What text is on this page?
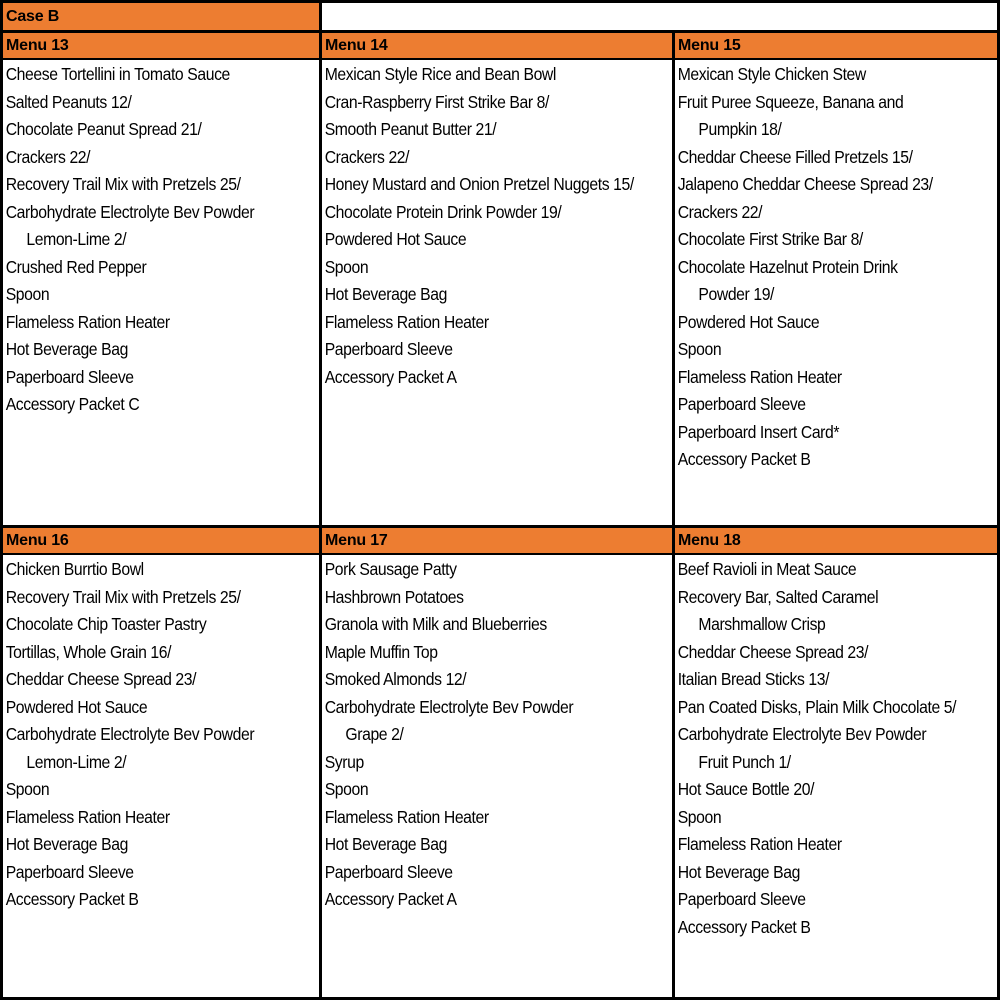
Case B
Menu 13
Cheese Tortellini in Tomato Sauce
Salted Peanuts 12/
Chocolate Peanut Spread 21/
Crackers 22/
Recovery Trail Mix with Pretzels 25/
Carbohydrate Electrolyte Bev Powder
Lemon-Lime 2/
Crushed Red Pepper
Spoon
Flameless Ration Heater
Hot Beverage Bag
Paperboard Sleeve
Accessory Packet C
Menu 14
Mexican Style Rice and Bean Bowl
Cran-Raspberry First Strike Bar 8/
Smooth Peanut Butter 21/
Crackers 22/
Honey Mustard and Onion Pretzel Nuggets 15/
Chocolate Protein Drink Powder 19/
Powdered Hot Sauce
Spoon
Hot Beverage Bag
Flameless Ration Heater
Paperboard Sleeve
Accessory Packet A
Menu 15
Mexican Style Chicken Stew
Fruit Puree Squeeze, Banana and
Pumpkin 18/
Cheddar Cheese Filled Pretzels 15/
Jalapeno Cheddar Cheese Spread 23/
Crackers 22/
Chocolate First Strike Bar 8/
Chocolate Hazelnut Protein Drink
Powder 19/
Powdered Hot Sauce
Spoon
Flameless Ration Heater
Paperboard Sleeve
Paperboard Insert Card*
Accessory Packet B
Menu 16
Chicken Burrtio Bowl
Recovery Trail Mix with Pretzels 25/
Chocolate Chip Toaster Pastry
Tortillas, Whole Grain 16/
Cheddar Cheese Spread 23/
Powdered Hot Sauce
Carbohydrate Electrolyte Bev Powder
Lemon-Lime 2/
Spoon
Flameless Ration Heater
Hot Beverage Bag
Paperboard Sleeve
Accessory Packet B
Menu 17
Pork Sausage Patty
Hashbrown Potatoes
Granola with Milk and Blueberries
Maple Muffin Top
Smoked Almonds 12/
Carbohydrate Electrolyte Bev Powder
Grape 2/
Syrup
Spoon
Flameless Ration Heater
Hot Beverage Bag
Paperboard Sleeve
Accessory Packet A
Menu 18
Beef Ravioli in Meat Sauce
Recovery Bar, Salted Caramel
Marshmallow Crisp
Cheddar Cheese Spread 23/
Italian Bread Sticks 13/
Pan Coated Disks, Plain Milk Chocolate 5/
Carbohydrate Electrolyte Bev Powder
Fruit Punch 1/
Hot Sauce Bottle 20/
Spoon
Flameless Ration Heater
Hot Beverage Bag
Paperboard Sleeve
Accessory Packet B
